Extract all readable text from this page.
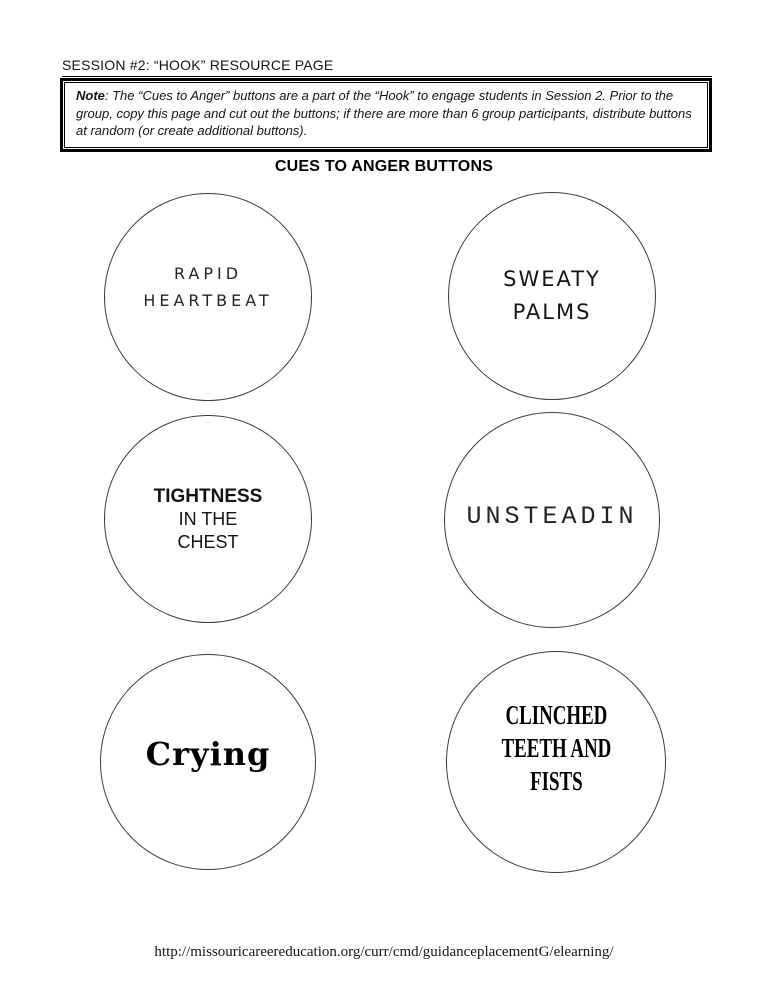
SESSION #2: “HOOK” RESOURCE PAGE

Note: The “Cues to Anger” buttons are a part of the “Hook” to engage students in Session 2. Prior to the group, copy this page and cut out the buttons; if there are more than 6 group participants, distribute buttons at random (or create additional buttons).

CUES TO ANGER BUTTONS
RAPID
HEARTBEAT
SWEATY
PALMS
TIGHTNESS
IN THE
CHEST
UNSTEADIN
Crying
CLINCHED
TEETH AND
FISTS
http://missouricareereducation.org/curr/cmd/guidanceplacementG/elearning/
